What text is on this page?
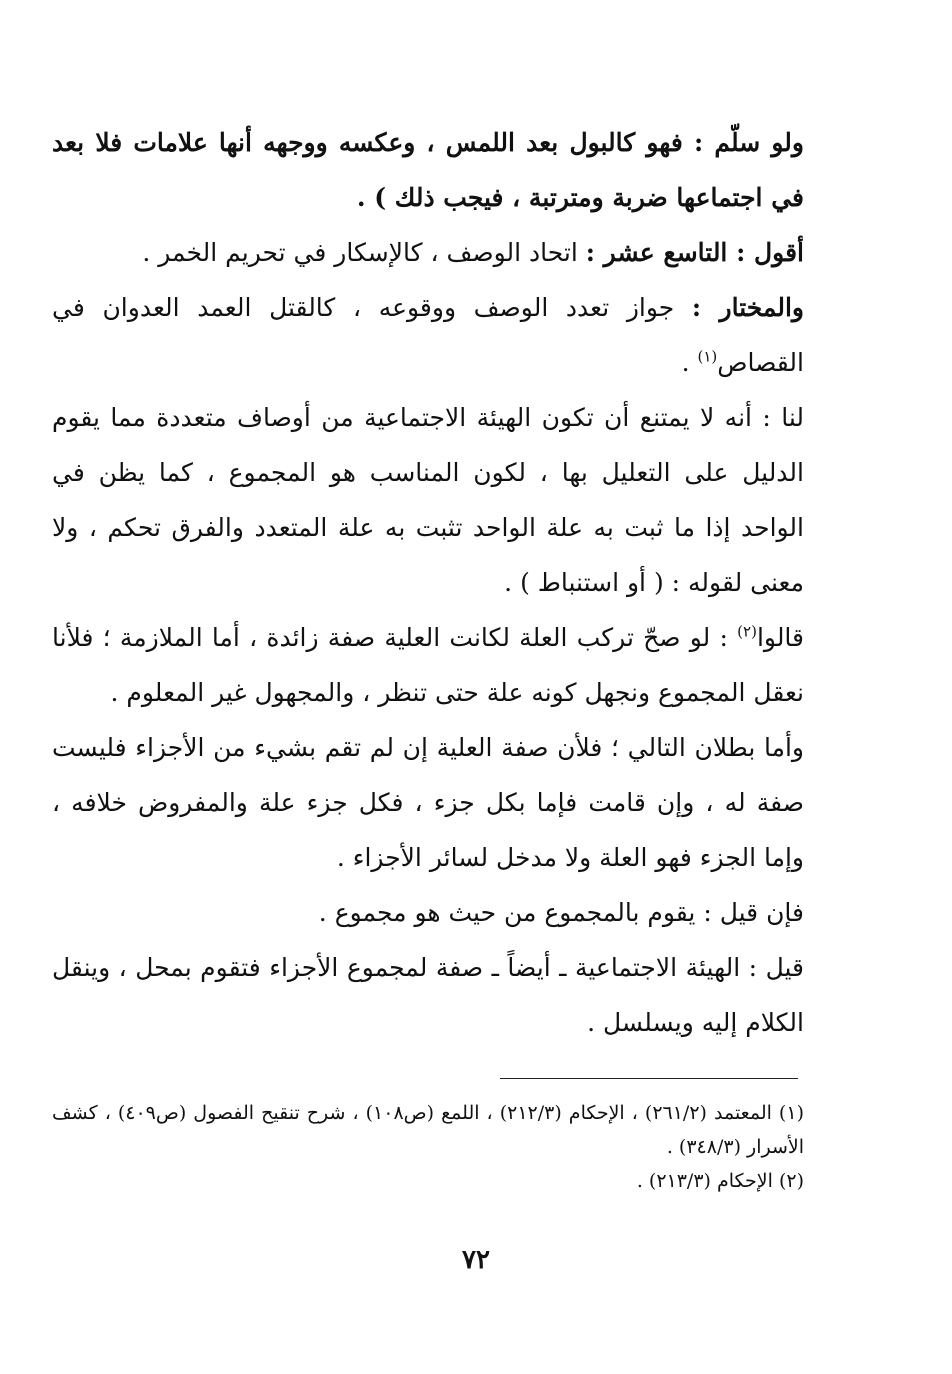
ولو سلّم : فهو كالبول بعد اللمس ، وعكسه ووجهه أنها علامات فلا بعد في اجتماعها ضربة ومترتبة ، فيجب ذلك ) .

أقول : التاسع عشر : اتحاد الوصف ، كالإسكار في تحريم الخمر .

والمختار : جواز تعدد الوصف ووقوعه ، كالقتل العمد العدوان في القصاص$^{(١)}$ .

لنا : أنه لا يمتنع أن تكون الهيئة الاجتماعية من أوصاف متعددة مما يقوم الدليل على التعليل بها ، لكون المناسب هو المجموع ، كما يظن في الواحد إذا ما ثبت به علة الواحد تثبت به علة المتعدد والفرق تحكم ، ولا معنى لقوله : ( أو استنباط ) .

قالوا$^{(٢)}$ : لو صحّ تركب العلة لكانت العلية صفة زائدة ، أما الملازمة ؛ فلأنا نعقل المجموع ونجهل كونه علة حتى تنظر ، والمجهول غير المعلوم .

وأما بطلان التالي ؛ فلأن صفة العلية إن لم تقم بشيء من الأجزاء فليست صفة له ، وإن قامت فإما بكل جزء ، فكل جزء علة والمفروض خلافه ، وإما الجزء فهو العلة ولا مدخل لسائر الأجزاء .

فإن قيل : يقوم بالمجموع من حيث هو مجموع .

قيل : الهيئة الاجتماعية ـ أيضاً ـ صفة لمجموع الأجزاء فتقوم بمحل ، وينقل الكلام إليه ويسلسل .

(١) المعتمد (٢٦١/٢) ، الإحكام (٢١٢/٣) ، اللمع (ص١٠٨) ، شرح تنقيح الفصول (ص٤٠٩) ، كشف الأسرار (٣٤٨/٣) .

(٢) الإحكام (٢١٣/٣) .

٧٢
